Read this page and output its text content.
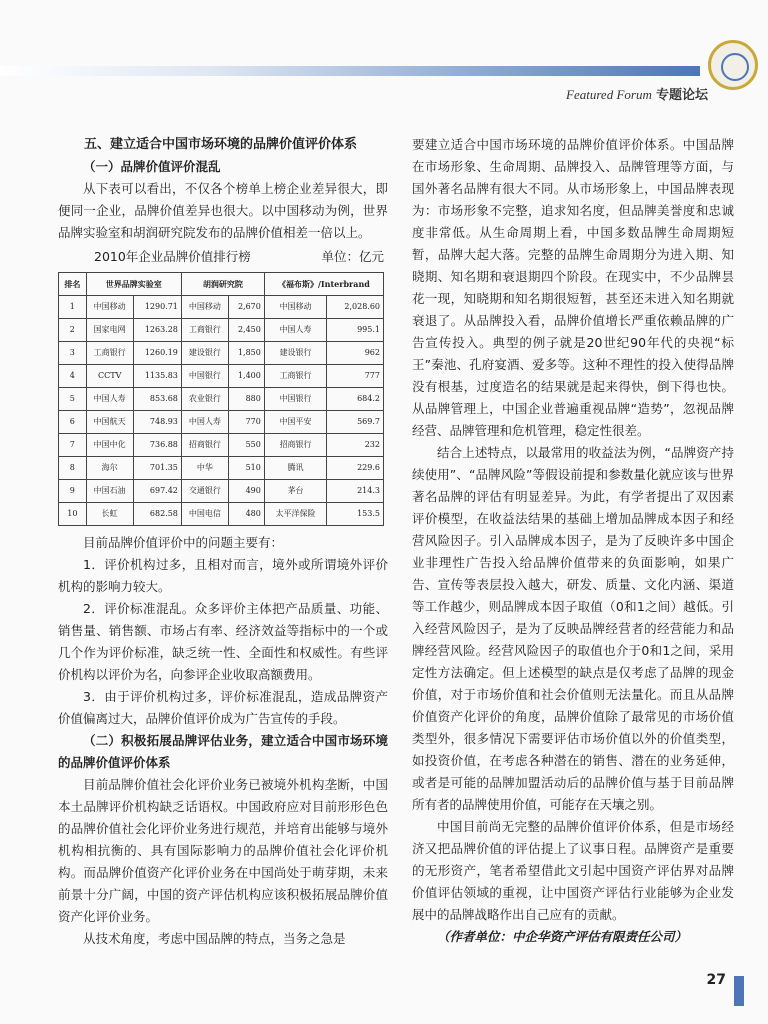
Featured Forum 专题论坛

五、建立适合中国市场环境的品牌价值评价体系

（一）品牌价值评价混乱

从下表可以看出，不仅各个榜单上榜企业差异很大，即便同一企业，品牌价值差异也很大。以中国移动为例，世界品牌实验室和胡润研究院发布的品牌价值相差一倍以上。

2010年企业品牌价值排行榜	单位：亿元
排名	世界品牌实验室		胡润研究院		《福布斯》/Interbrand	
1	中国移动	1290.71	中国移动	2,670	中国移动	2,028.60
2	国家电网	1263.28	工商银行	2,450	中国人寿	995.1
3	工商银行	1260.19	建设银行	1,850	建设银行	962
4	CCTV	1135.83	中国银行	1,400	工商银行	777
5	中国人寿	853.68	农业银行	880	中国银行	684.2
6	中国航天	748.93	中国人寿	770	中国平安	569.7
7	中国中化	736.88	招商银行	550	招商银行	232
8	海尔	701.35	中华	510	腾讯	229.6
9	中国石油	697.42	交通银行	490	茅台	214.3
10	长虹	682.58	中国电信	480	太平洋保险	153.5

目前品牌价值评价中的问题主要有：

1．评价机构过多，且相对而言，境外或所谓境外评价机构的影响力较大。

2．评价标准混乱。众多评价主体把产品质量、功能、销售量、销售额、市场占有率、经济效益等指标中的一个或几个作为评价标准，缺乏统一性、全面性和权威性。有些评价机构以评价为名，向参评企业收取高额费用。

3．由于评价机构过多，评价标准混乱，造成品牌资产价值偏离过大，品牌价值评价成为广告宣传的手段。

（二）积极拓展品牌评估业务，建立适合中国市场环境的品牌价值评价体系

目前品牌价值社会化评价业务已被境外机构垄断，中国本土品牌评价机构缺乏话语权。中国政府应对目前形形色色的品牌价值社会化评价业务进行规范，并培育出能够与境外机构相抗衡的、具有国际影响力的品牌价值社会化评价机构。而品牌价值资产化评价业务在中国尚处于萌芽期，未来前景十分广阔，中国的资产评估机构应该积极拓展品牌价值资产化评价业务。

从技术角度，考虑中国品牌的特点，当务之急是

要建立适合中国市场环境的品牌价值评价体系。中国品牌在市场形象、生命周期、品牌投入、品牌管理等方面，与国外著名品牌有很大不同。从市场形象上，中国品牌表现为：市场形象不完整，追求知名度，但品牌美誉度和忠诚度非常低。从生命周期上看，中国多数品牌生命周期短暂，品牌大起大落。完整的品牌生命周期分为进入期、知晓期、知名期和衰退期四个阶段。在现实中，不少品牌昙花一现，知晓期和知名期很短暂，甚至还未进入知名期就衰退了。从品牌投入看，品牌价值增长严重依赖品牌的广告宣传投入。典型的例子就是20世纪90年代的央视“标王”秦池、孔府宴酒、爱多等。这种不理性的投入使得品牌没有根基，过度造名的结果就是起来得快，倒下得也快。从品牌管理上，中国企业普遍重视品牌“造势”，忽视品牌经营、品牌管理和危机管理，稳定性很差。

结合上述特点，以最常用的收益法为例，“品牌资产持续使用”、“品牌风险”等假设前提和参数量化就应该与世界著名品牌的评估有明显差异。为此，有学者提出了双因素评价模型，在收益法结果的基础上增加品牌成本因子和经营风险因子。引入品牌成本因子，是为了反映许多中国企业非理性广告投入给品牌价值带来的负面影响，如果广告、宣传等表层投入越大，研发、质量、文化内涵、渠道等工作越少，则品牌成本因子取值（0和1之间）越低。引入经营风险因子，是为了反映品牌经营者的经营能力和品牌经营风险。经营风险因子的取值也介于0和1之间，采用定性方法确定。但上述模型的缺点是仅考虑了品牌的现金价值，对于市场价值和社会价值则无法量化。而且从品牌价值资产化评价的角度，品牌价值除了最常见的市场价值类型外，很多情况下需要评估市场价值以外的价值类型，如投资价值，在考虑各种潜在的销售、潜在的业务延伸，或者是可能的品牌加盟活动后的品牌价值与基于目前品牌所有者的品牌使用价值，可能存在天壤之别。

中国目前尚无完整的品牌价值评价体系，但是市场经济又把品牌价值的评估提上了议事日程。品牌资产是重要的无形资产，笔者希望借此文引起中国资产评估界对品牌价值评估领域的重视，让中国资产评估行业能够为企业发展中的品牌战略作出自己应有的贡献。

（作者单位：中企华资产评估有限责任公司）

27
